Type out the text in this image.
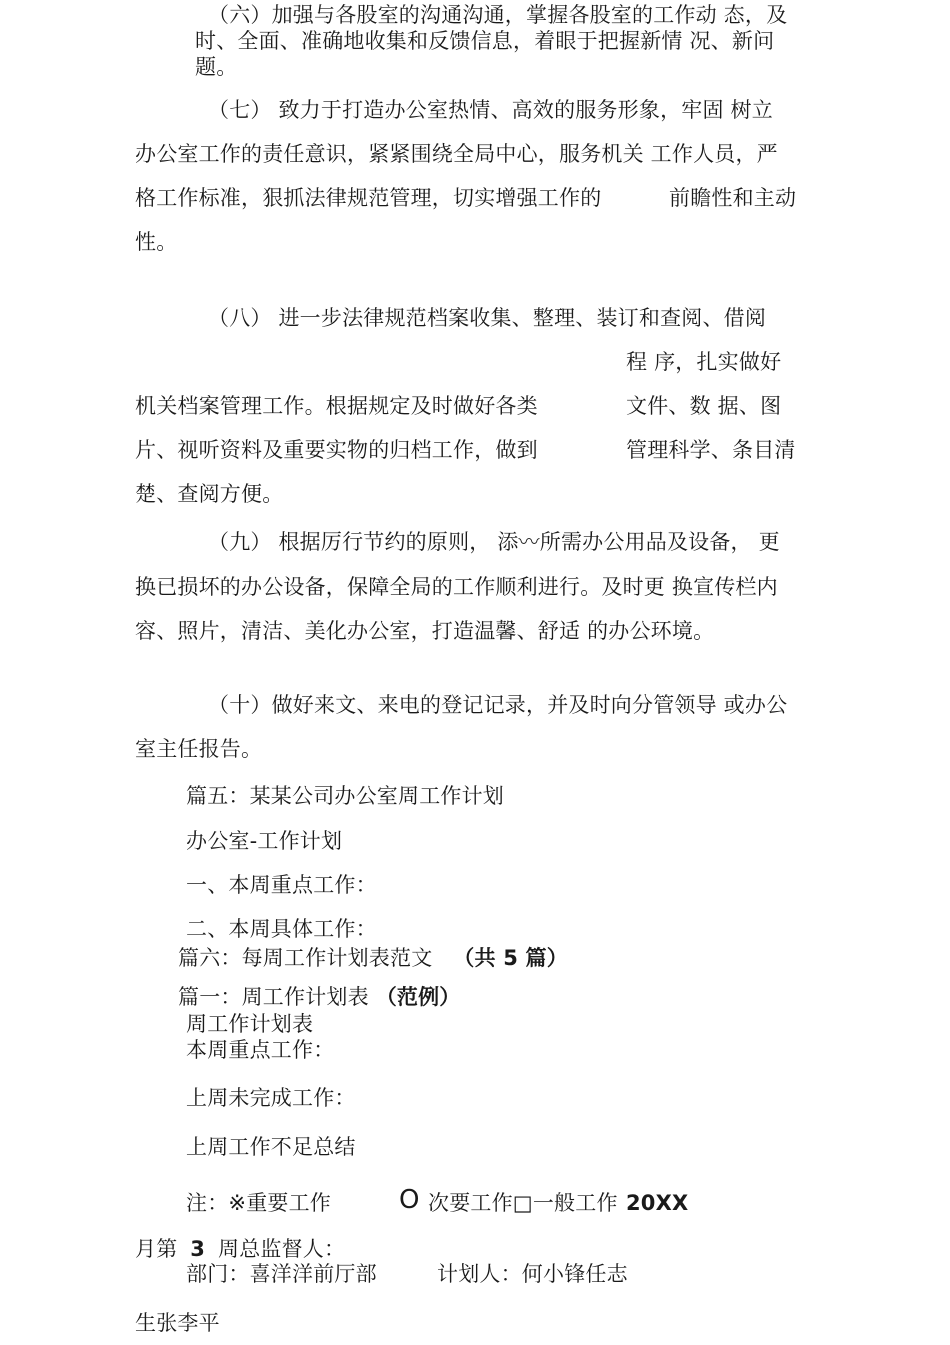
（六）加强与各股室的沟通沟通，掌握各股室的工作动 态，及
时、全面、准确地收集和反馈信息，着眼于把握新情 况、新问
题。
（七） 致力于打造办公室热情、高效的服务形象，牢固 树立
办公室工作的责任意识，紧紧围绕全局中心，服务机关 工作人员，严
格工作标准，狠抓法律规范管理，切实增强工作的	前瞻性和主动
性。
（八） 进一步法律规范档案收集、整理、装订和查阅、借阅
程 序，扎实做好
机关档案管理工作。根据规定及时做好各类	文件、数 据、图
片、视听资料及重要实物的归档工作，做到	管理科学、条目清
楚、查阅方便。
（九） 根据厉行节约的原则， 添〰所需办公用品及设备， 更
换已损坏的办公设备，保障全局的工作顺利进行。及时更 换宣传栏内
容、照片，清洁、美化办公室，打造温馨、舒适 的办公环境。
（十）做好来文、来电的登记记录，并及时向分管领导 或办公
室主任报告。
篇五：某某公司办公室周工作计划
办公室-工作计划
一、本周重点工作：
二、本周具体工作：
篇六：每周工作计划表范文 （共 5 篇）
篇一：周工作计划表 （范例）
周工作计划表
本周重点工作：
上周未完成工作：
上周工作不足总结
注：※重要工作	O 次要工作□一般工作 20XX
月第 3 周总监督人：
部门：喜洋洋前厅部	计划人：何小锋任志
生张李平
